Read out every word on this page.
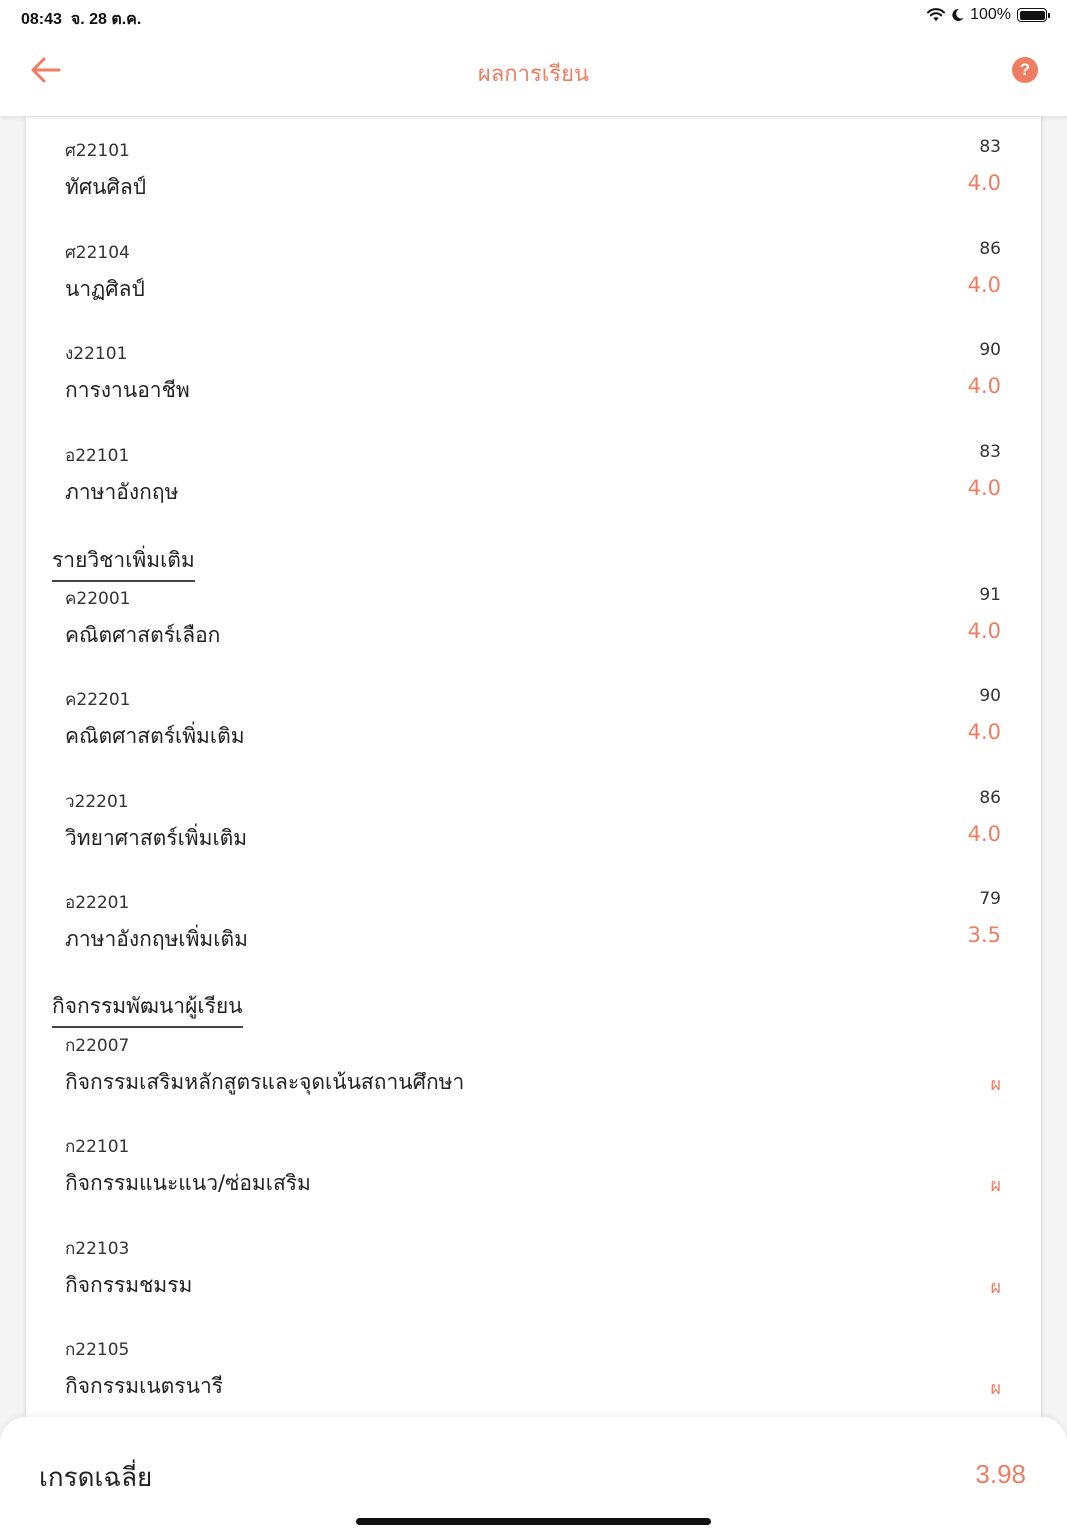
08:43 จ. 28 ต.ค.	100%
ผลการเรียน	?
ศ22101	83
ทัศนศิลป์	4.0
ศ22104	86
นาฏศิลป์	4.0
ง22101	90
การงานอาชีพ	4.0
อ22101	83
ภาษาอังกฤษ	4.0
รายวิชาเพิ่มเติม
ค22001	91
คณิตศาสตร์เลือก	4.0
ค22201	90
คณิตศาสตร์เพิ่มเติม	4.0
ว22201	86
วิทยาศาสตร์เพิ่มเติม	4.0
อ22201	79
ภาษาอังกฤษเพิ่มเติม	3.5
กิจกรรมพัฒนาผู้เรียน
ก22007
กิจกรรมเสริมหลักสูตรและจุดเน้นสถานศึกษา	ผ
ก22101
กิจกรรมแนะแนว/ซ่อมเสริม	ผ
ก22103
กิจกรรมชมรม	ผ
ก22105
กิจกรรมเนตรนารี	ผ
เกรดเฉลี่ย	3.98
